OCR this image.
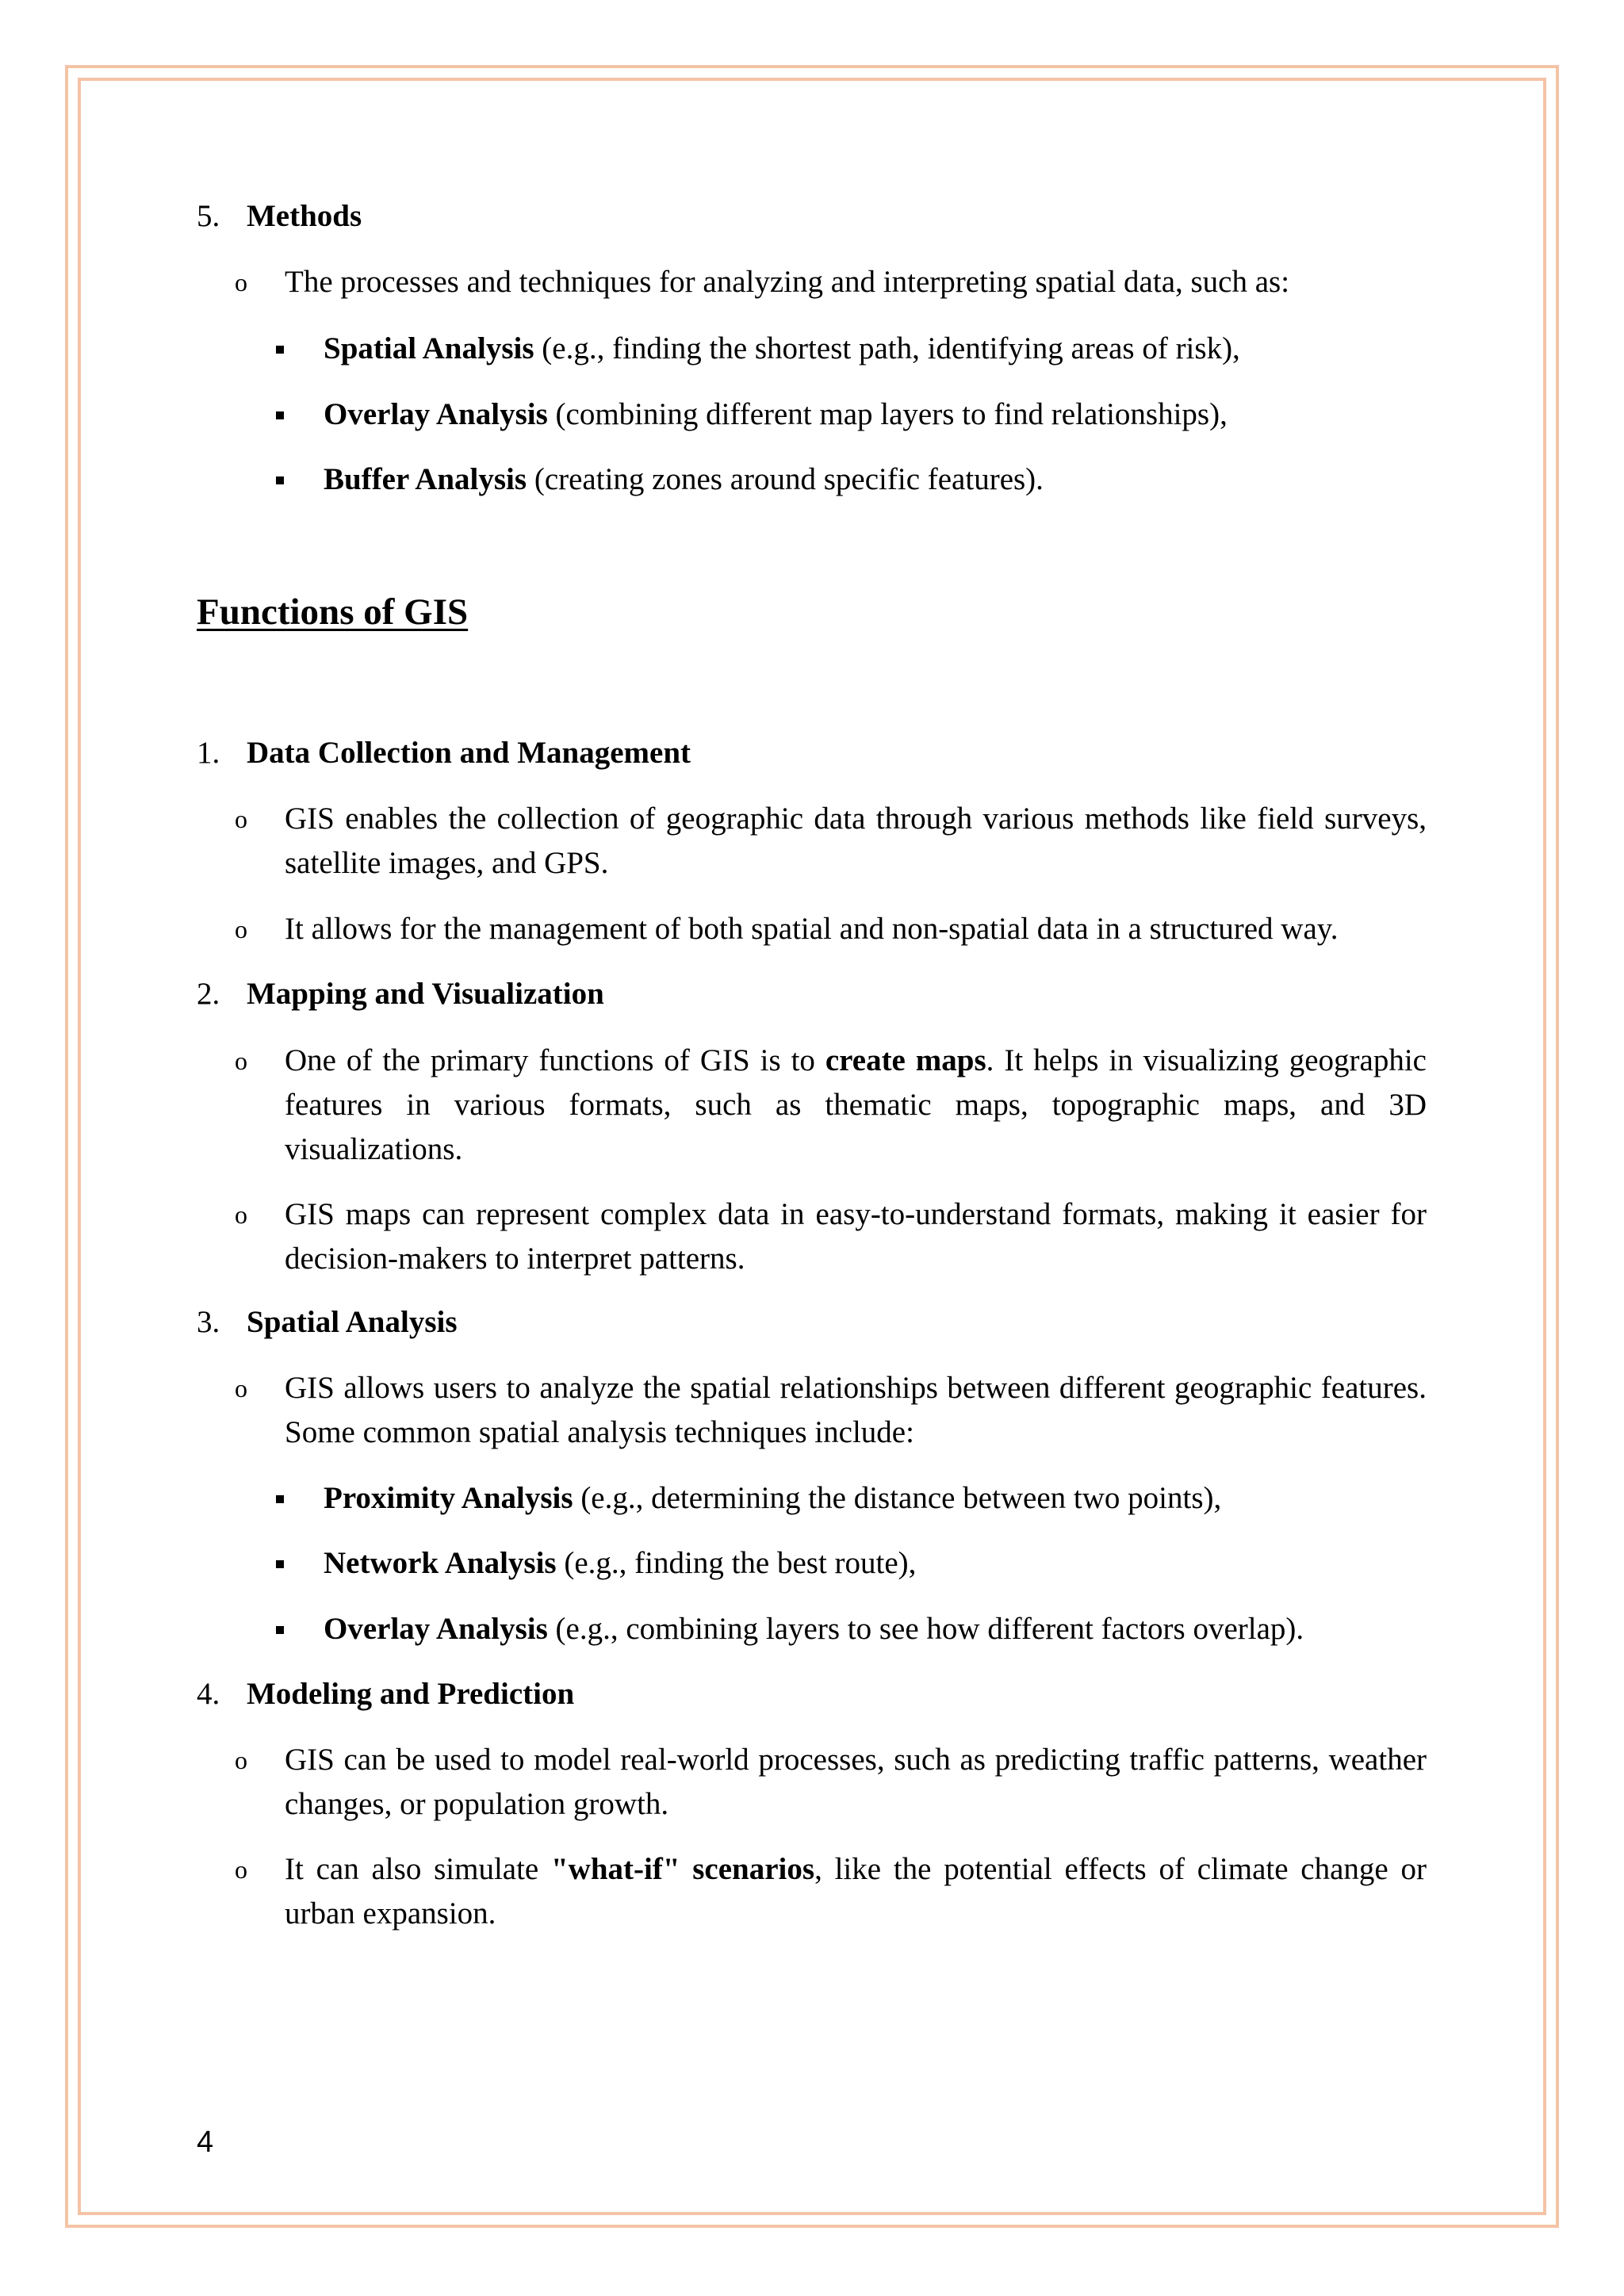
5. Methods
o The processes and techniques for analyzing and interpreting spatial data, such as:
Spatial Analysis (e.g., finding the shortest path, identifying areas of risk),
Overlay Analysis (combining different map layers to find relationships),
Buffer Analysis (creating zones around specific features).
Functions of GIS
1. Data Collection and Management
o GIS enables the collection of geographic data through various methods like field surveys, satellite images, and GPS.
o It allows for the management of both spatial and non-spatial data in a structured way.
2. Mapping and Visualization
o One of the primary functions of GIS is to create maps. It helps in visualizing geographic features in various formats, such as thematic maps, topographic maps, and 3D visualizations.
o GIS maps can represent complex data in easy-to-understand formats, making it easier for decision-makers to interpret patterns.
3. Spatial Analysis
o GIS allows users to analyze the spatial relationships between different geographic features. Some common spatial analysis techniques include:
Proximity Analysis (e.g., determining the distance between two points),
Network Analysis (e.g., finding the best route),
Overlay Analysis (e.g., combining layers to see how different factors overlap).
4. Modeling and Prediction
o GIS can be used to model real-world processes, such as predicting traffic patterns, weather changes, or population growth.
o It can also simulate "what-if" scenarios, like the potential effects of climate change or urban expansion.
4
